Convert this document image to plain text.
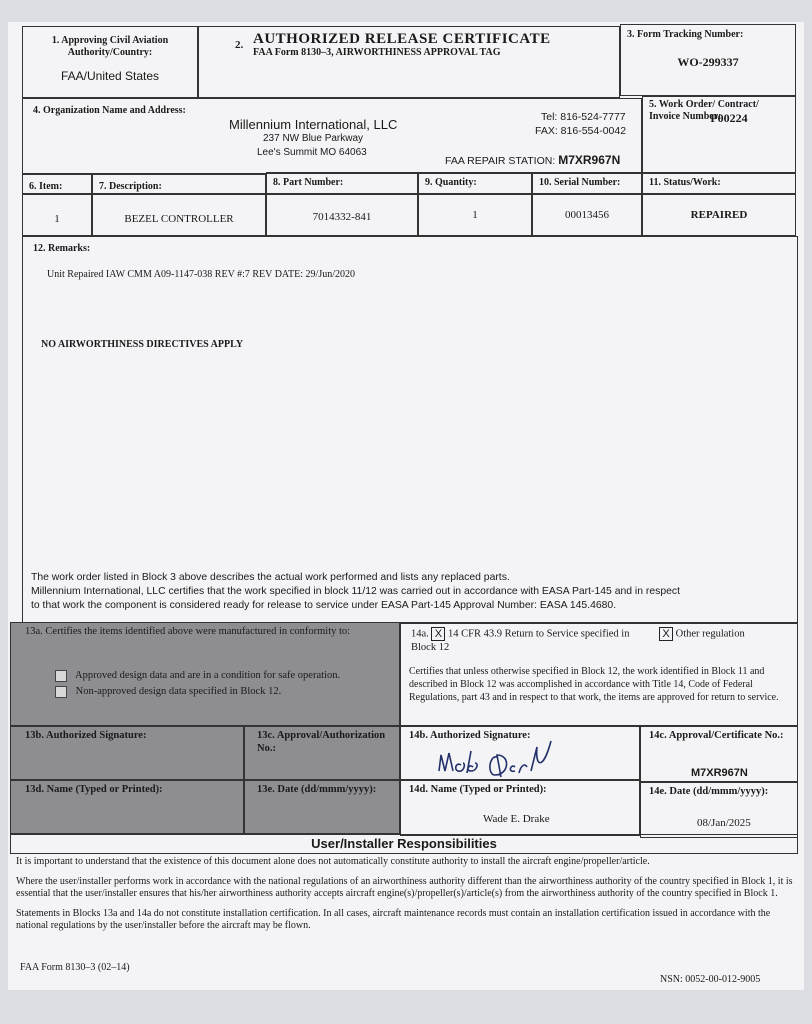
1. Approving Civil Aviation Authority/Country:
FAA/United States
2. AUTHORIZED RELEASE CERTIFICATE
FAA Form 8130–3, AIRWORTHINESS APPROVAL TAG
3. Form Tracking Number:
WO-299337
4. Organization Name and Address:
Millennium International, LLC
237 NW Blue Parkway
Lee's Summit MO 64063
Tel: 816-524-7777
FAX: 816-554-0042
FAA REPAIR STATION: M7XR967N
5. Work Order/ Contract/ Invoice Number:
P00224
6. Item:	7. Description:	8. Part Number:	9. Quantity:	10. Serial Number:	11. Status/Work:
1	BEZEL CONTROLLER	7014332-841	1	00013456	REPAIRED
12. Remarks:
Unit Repaired IAW CMM A09-1147-038 REV #:7 REV DATE: 29/Jun/2020
NO AIRWORTHINESS DIRECTIVES APPLY
The work order listed in Block 3 above describes the actual work performed and lists any replaced parts.
Millennium International, LLC certifies that the work specified in block 11/12 was carried out in accordance with EASA Part-145 and in respect
to that work the component is considered ready for release to service under EASA Part-145 Approval Number: EASA 145.4680.
13a. Certifies the items identified above were manufactured in conformity to:
Approved design data and are in a condition for safe operation.
Non-approved design data specified in Block 12.
13b. Authorized Signature:	13c. Approval/Authorization No.:
13d. Name (Typed or Printed):	13e. Date (dd/mmm/yyyy):
14a. X 14 CFR 43.9 Return to Service specified in Block 12
X Other regulation
Certifies that unless otherwise specified in Block 12, the work identified in Block 11 and described in Block 12 was accomplished in accordance with Title 14, Code of Federal Regulations, part 43 and in respect to that work, the items are approved for return to service.
14b. Authorized Signature:	14c. Approval/Certificate No.:
M7XR967N
14d. Name (Typed or Printed):
Wade E. Drake
14e. Date (dd/mmm/yyyy):
08/Jan/2025
User/Installer Responsibilities
It is important to understand that the existence of this document alone does not automatically constitute authority to install the aircraft engine/propeller/article.
Where the user/installer performs work in accordance with the national regulations of an airworthiness authority different than the airworthiness authority of the country specified in Block 1, it is essential that the user/installer ensures that his/her airworthiness authority accepts aircraft engine(s)/propeller(s)/article(s) from the airworthiness authority of the country specified in Block 1.
Statements in Blocks 13a and 14a do not constitute installation certification. In all cases, aircraft maintenance records must contain an installation certification issued in accordance with the national regulations by the user/installer before the aircraft may be flown.
FAA Form 8130–3 (02–14)
NSN: 0052-00-012-9005
